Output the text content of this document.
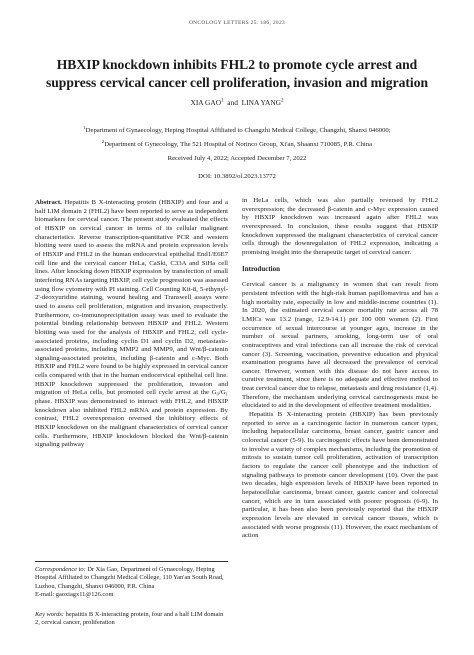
ONCOLOGY LETTERS 25: 186, 2023
HBXIP knockdown inhibits FHL2 to promote cycle arrest and suppress cervical cancer cell proliferation, invasion and migration
XIA GAO$^1$ and LINA YANG$^2$
$^1$Department of Gynaecology, Heping Hospital Affiliated to Changzhi Medical College, Changzhi, Shanxi 046000;
$^2$Department of Gynecology, The 521 Hospital of Norinco Group, Xi'an, Shaanxi 710085, P.R. China
Received July 4, 2022; Accepted December 7, 2022
DOI: 10.3892/ol.2023.13772

Abstract. Hepatitis B X-interacting protein (HBXIP) and four and a half LIM domain 2 (FHL2) have been reported to serve as independent biomarkers for cervical cancer. The present study evaluated the effects of HBXIP on cervical cancer in terms of its cellular malignant characteristics. Reverse transcription-quantitative PCR and western blotting were used to assess the mRNA and protein expression levels of HBXIP and FHL2 in the human endocervical epithelial End1/E6E7 cell line and the cervical cancer HeLa, CaSki, C33A and SiHa cell lines. After knocking down HBXIP expression by transfection of small interfering RNAs targeting HBXIP, cell cycle progression was assessed using flow cytometry with PI staining. Cell Counting Kit-8, 5-ethynyl-2'-deoxyuridine staining, wound healing and Transwell assays were used to assess cell proliferation, migration and invasion, respectively. Furthermore, co-immunoprecipitation assay was used to evaluate the potential binding relationship between HBXIP and FHL2. Western blotting was used for the analysis of HBXIP and FHL2, cell cycle-associated proteins, including cyclin D1 and cyclin D2, metastasis-associated proteins, including MMP2 and MMP9, and Wnt/β-catenin signaling-associated proteins, including β-catenin and c-Myc. Both HBXIP and FHL2 were found to be highly expressed in cervical cancer cells compared with that in the human endocervical epithelial cell line. HBXIP knockdown suppressed the proliferation, invasion and migration of HeLa cells, but promoted cell cycle arrest at the G₀/G₁ phase. HBXIP was demonstrated to interact with FHL2, and HBXIP knockdown also inhibited FHL2 mRNA and protein expression. By contrast, FHL2 overexpression reversed the inhibitory effects of HBXIP knockdown on the malignant characteristics of cervical cancer cells. Furthermore, HBXIP knockdown blocked the Wnt/β-catenin signaling pathway

in HeLa cells, which was also partially reversed by FHL2 overexpression; the decreased β-catenin and c-Myc expression caused by HBXIP knockdown was increased again after FHL2 was overexpressed. In conclusion, these results suggest that HBXIP knockdown suppressed the malignant characteristics of cervical cancer cells through the downregulation of FHL2 expression, indicating a promising insight into the therapeutic target of cervical cancer.

Introduction

Cervical cancer is a malignancy in women that can result from persistent infection with the high-risk human papillomavirus and has a high mortality rate, especially in low and middle-income countries (1). In 2020, the estimated cervical cancer mortality rate across all 78 LMICs was 13.2 (range, 12.9-14.1) per 100 000 women (2). First occurrence of sexual intercourse at younger ages, increase in the number of sexual partners, smoking, long-term use of oral contraceptives and viral infections can all increase the risk of cervical cancer (3). Screening, vaccination, preventive education and physical examination programs have all decreased the prevalence of cervical cancer. However, women with this disease do not have access to curative treatment, since there is no adequate and effective method to treat cervical cancer due to relapse, metastasis and drug resistance (1,4). Therefore, the mechanism underlying cervical carcinogenesis must be elucidated to aid in the development of effective treatment modalities.

Hepatitis B X-interacting protein (HBXIP) has been previously reported to serve as a carcinogenic factor in numerous cancer types, including hepatocellular carcinoma, breast cancer, gastric cancer and colorectal cancer (5-9). Its carcinogenic effects have been demonstrated to involve a variety of complex mechanisms, including the promotion of mitosis to sustain tumor cell proliferation, activation of transcription factors to regulate the cancer cell phenotype and the induction of signaling pathways to promote cancer development (10). Over the past two decades, high expression levels of HBXIP have been reported in hepatocellular carcinoma, breast cancer, gastric cancer and colorectal cancer, which are in turn associated with poorer prognosis (6-9). In particular, it has been also been previously reported that the HBXIP expression levels are elevated in cervical cancer tissues, which is associated with worse prognosis (11). However, the exact mechanism of action

Correspondence to: Dr Xia Gao, Department of Gynaecology, Heping Hospital Affiliated to Changzhi Medical College, 110 Yan'an South Road, Luzhou, Changzhi, Shanxi 046000, P.R. China
E-mail: gaoxiagx11@126.com
Key words: hepatitis B X-interacting protein, four and a half LIM domain 2, cervical cancer, proliferation
